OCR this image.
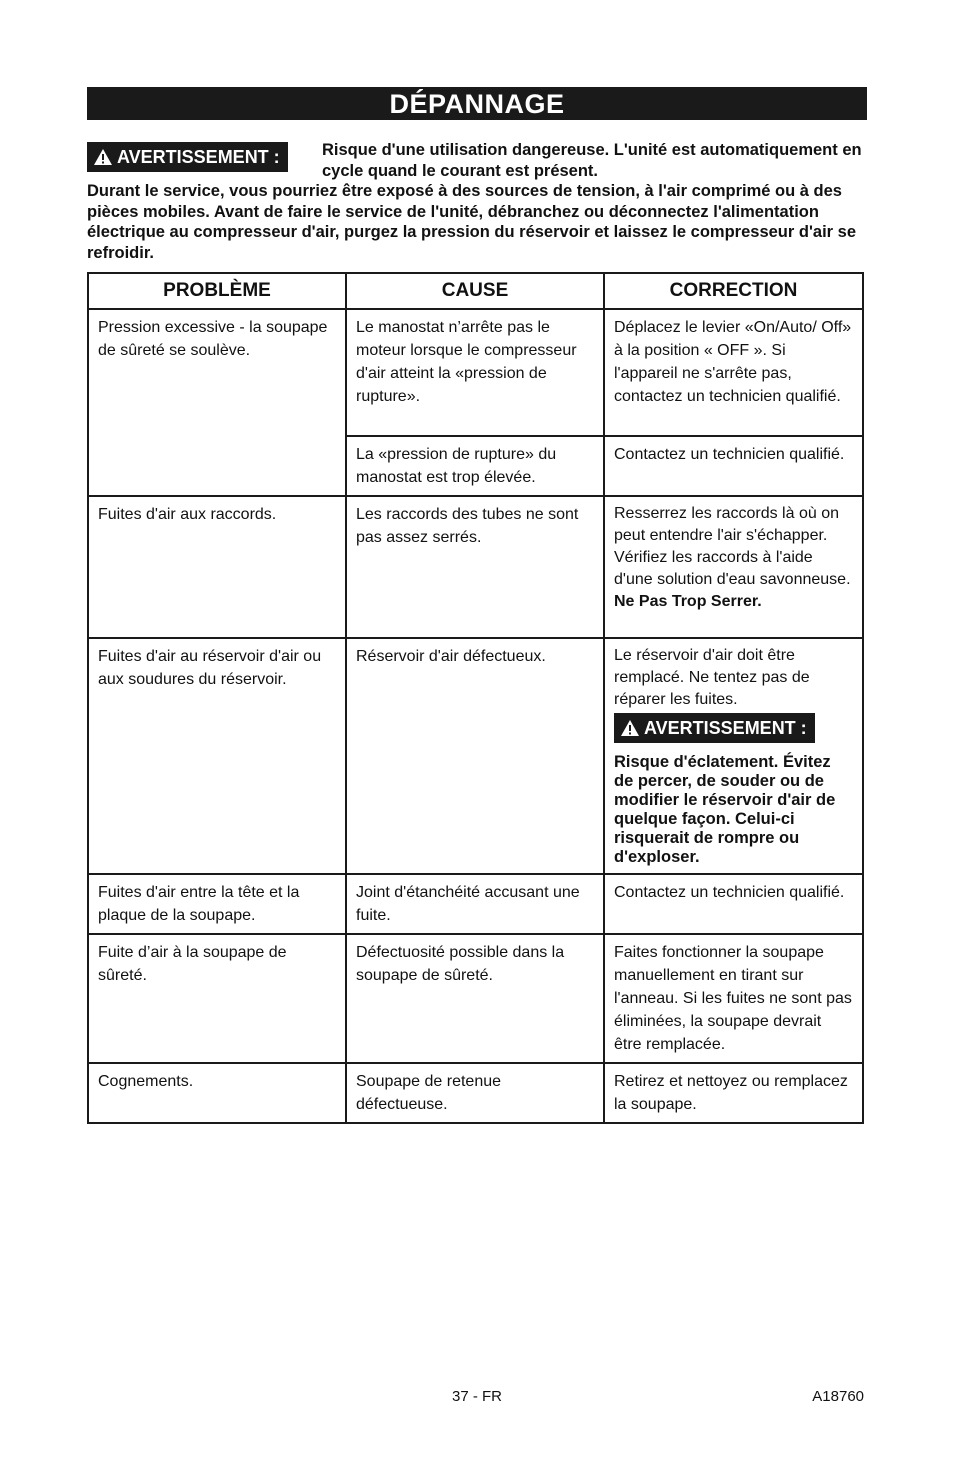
DÉPANNAGE
AVERTISSEMENT :	Risque d'une utilisation dangereuse. L'unité est automatiquement en cycle quand le courant est présent.

Durant le service, vous pourriez être exposé à des sources de tension, à l'air comprimé ou à des pièces mobiles. Avant de faire le service de l'unité, débranchez ou déconnectez l'alimentation électrique au compresseur d'air, purgez la pression du réservoir et laissez le compresseur d'air se refroidir.

PROBLÈME	CAUSE	CORRECTION
Pression excessive - la soupape de sûreté se soulève.	Le manostat n’arrête pas le moteur lorsque le compresseur d'air atteint la «pression de rupture».	Déplacez le levier «On/Auto/ Off» à la position « OFF ». Si l'appareil ne s'arrête pas, contactez un technicien qualifié.
	La «pression de rupture» du manostat est trop élevée.	Contactez un technicien qualifié.
Fuites d'air aux raccords.	Les raccords des tubes ne sont pas assez serrés.	Resserrez les raccords là où on peut entendre l'air s'échapper. Vérifiez les raccords à l'aide d'une solution d'eau savonneuse.
Ne Pas Trop Serrer.

Fuites d'air au réservoir d'air ou aux soudures du réservoir.	Réservoir d'air défectueux.	Le réservoir d'air doit être remplacé. Ne tentez pas de réparer les fuites.
AVERTISSEMENT :
Risque d'éclatement. Évitez de percer, de souder ou de modifier le réservoir d'air de quelque façon. Celui-ci risquerait de rompre ou d'exploser.

Fuites d'air entre la tête et la plaque de la soupape.	Joint d'étanchéité accusant une fuite.	Contactez un technicien qualifié.
Fuite d’air à la soupape de sûreté.	Défectuosité possible dans la soupape de sûreté.	Faites fonctionner la soupape manuellement en tirant sur l'anneau. Si les fuites ne sont pas éliminées, la soupape devrait être remplacée.
Cognements.	Soupape de retenue défectueuse.	Retirez et nettoyez ou remplacez la soupape.
37 - FR	A18760
